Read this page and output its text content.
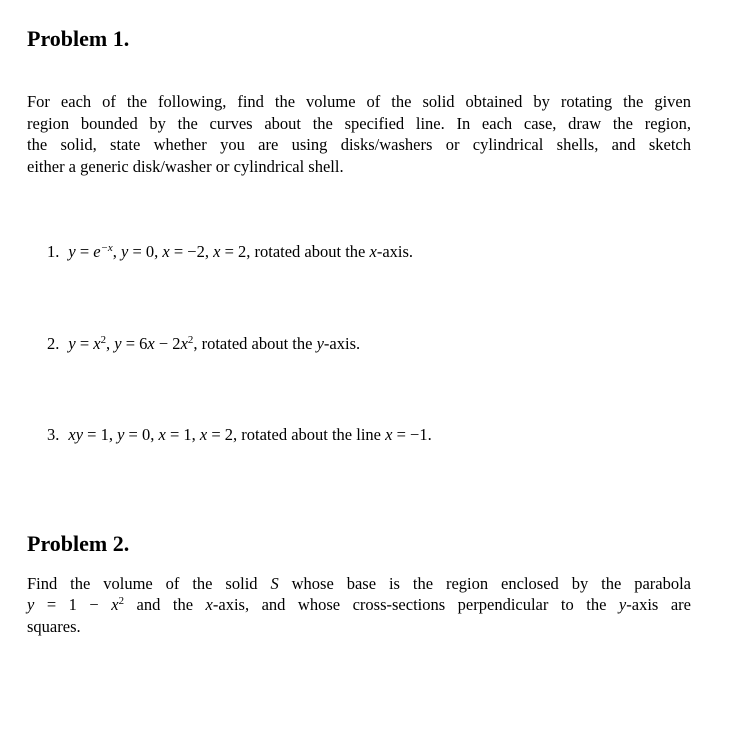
Problem 1.
For each of the following, find the volume of the solid obtained by rotating the given
region bounded by the curves about the specified line. In each case, draw the region,
the solid, state whether you are using disks/washers or cylindrical shells, and sketch
either a generic disk/washer or cylindrical shell.
1. $y = e^{-x}$, y = 0, x = −2, x = 2, rotated about the x-axis.
2. $y = x^2$, $y = 6x - 2x^2$, rotated about the y-axis.
3. xy = 1, y = 0, x = 1, x = 2, rotated about the line x = −1.
Problem 2.
Find the volume of the solid S whose base is the region enclosed by the parabola
$y = 1 - x^2$ and the x-axis, and whose cross-sections perpendicular to the y-axis are
squares.
